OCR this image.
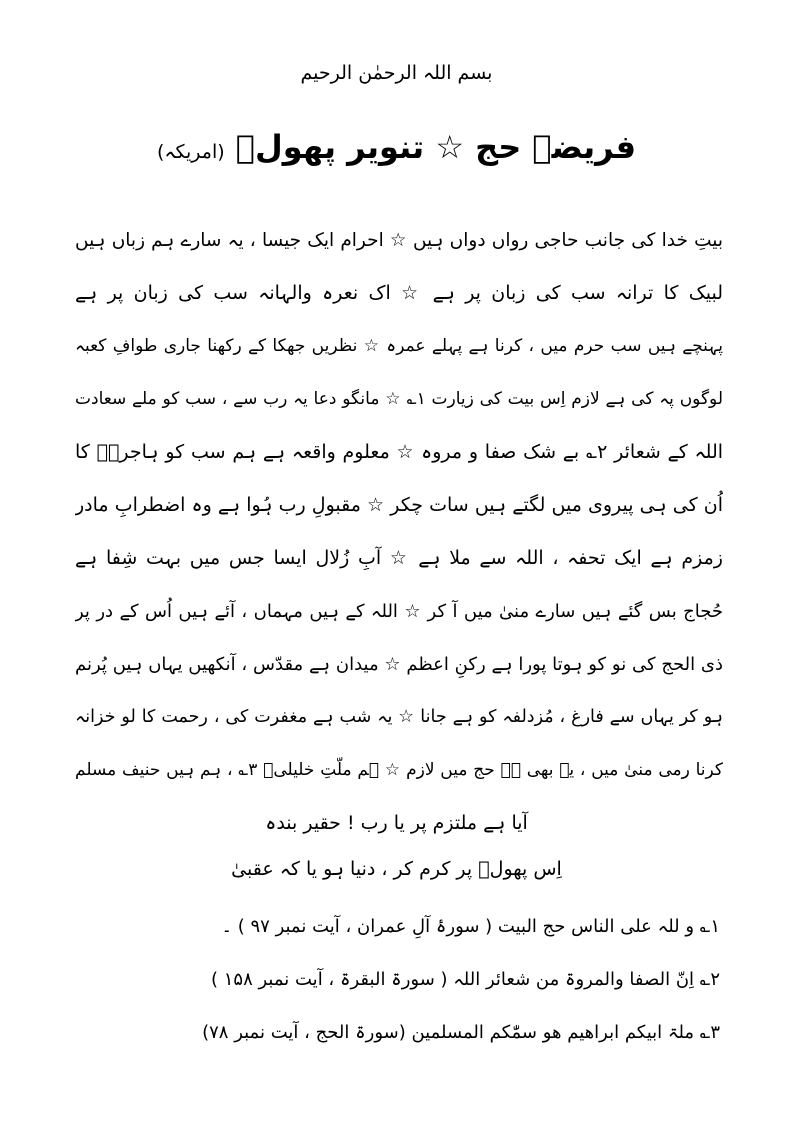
بسم اللہ الرحمٰن الرحیم
فریضۂ حج ☆ تنویر پھولؔ (امریکہ)
بیتِ خدا کی جانب حاجی رواں دواں ہیں ☆ احرام ایک جیسا ، یہ سارے ہم زباں ہیں
لبیک کا ترانہ سب کی زبان پر ہے ☆ اک نعرہ والہانہ سب کی زبان پر ہے
پہنچے ہیں سب حرم میں ، کرنا ہے پہلے عمرہ ☆ نظریں جھکا کے رکھنا جاری طوافِ کعبہ
لوگوں پہ کی ہے لازم اِس بیت کی زیارت ۱؎ ☆ مانگو دعا یہ رب سے ، سب کو ملے سعادت
اللہ کے شعائر ۲؎ بے شک صفا و مروہ ☆ معلوم واقعہ ہے ہم سب کو ہاجرہؓ کا
اُن کی ہی پیروی میں لگتے ہیں سات چکر ☆ مقبولِ رب ہُوا ہے وہ اضطرابِ مادر
زمزم ہے ایک تحفہ ، اللہ سے ملا ہے ☆ آبِ زُلال ایسا جس میں بہت شِفا ہے
حُجاج بس گئے ہیں سارے منیٰ میں آ کر ☆ اللہ کے ہیں مہماں ، آئے ہیں اُس کے در پر
ذی الحج کی نو کو ہوتا پورا ہے رکنِ اعظم ☆ میدان ہے مقدّس ، آنکھیں یہاں ہیں پُرنم
ہو کر یہاں سے فارغ ، مُزدلفہ کو ہے جانا ☆ یہ شب ہے مغفرت کی ، رحمت کا لو خزانہ
کرنا رمی منیٰ میں ، یہ بھی ہے حج میں لازم ☆ ہم ملّتِ خلیلیؑ ۳؎ ، ہم ہیں حنیف مسلم
آیا ہے ملتزم پر یا رب ! حقیر بندہ
اِس پھولؔ پر کرم کر ، دنیا ہو یا کہ عقبیٰ
۱؎ و للہ علی الناس حج البیت ( سورۂ آلِ عمران ، آیت نمبر ۹۷ ) ۔
۲؎ اِنّ الصفا والمروۃ من شعائر اللہ ( سورۃ البقرۃ ، آیت نمبر ۱۵۸ )
۳؎ ملۃ ابیکم ابراھیم ھو سمّٰکم المسلمین (سورۃ الحج ، آیت نمبر ۷۸)
